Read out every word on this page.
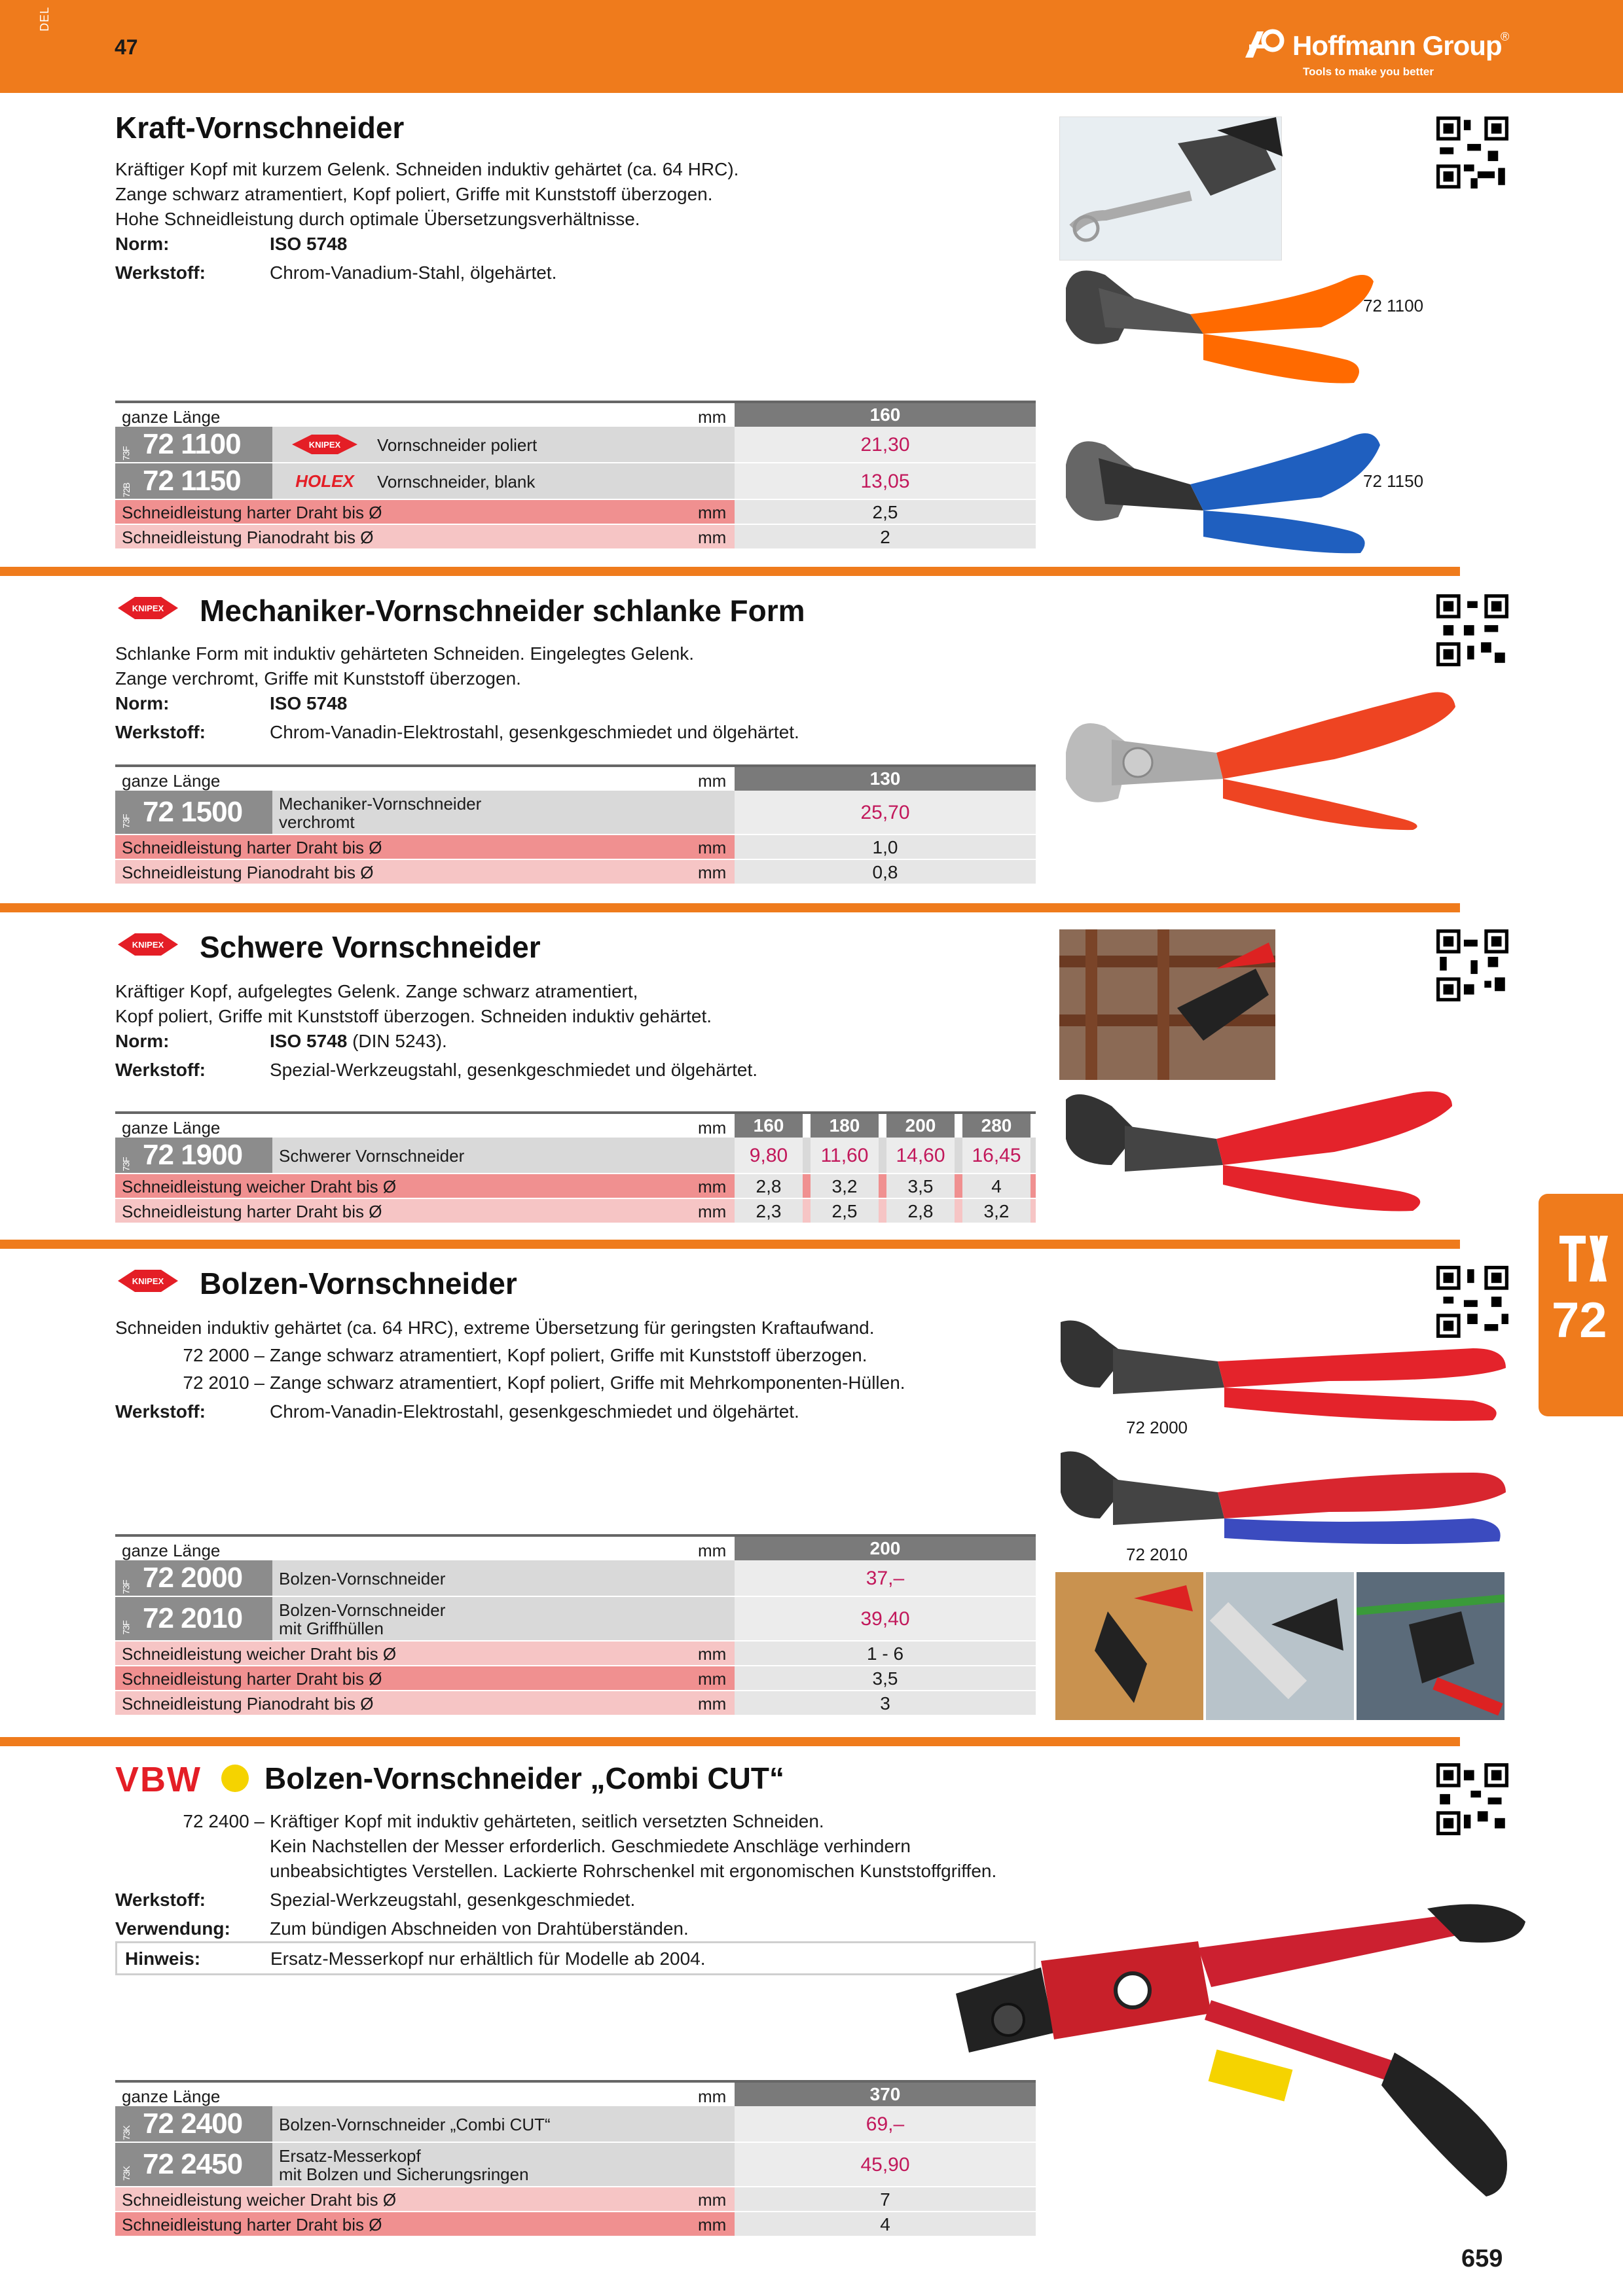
DEL
47	Hoffmann Group
®
Tools to make you better
Kraft-Vornschneider
Kräftiger Kopf mit kurzem Gelenk. Schneiden induktiv gehärtet (ca. 64 HRC).
Zange schwarz atramentiert, Kopf poliert, Griffe mit Kunststoff überzogen.
Hohe Schneidleistung durch optimale Übersetzungsverhältnisse.
Norm:	ISO 5748
Werkstoff:	Chrom-Vanadium-Stahl, ölgehärtet.
72 1100
72 1150
ganze Länge	mm	160
73F 72 1100	KNIPEX Vornschneider poliert	21,30
72B 72 1150	HOLEX Vornschneider, blank	13,05
Schneidleistung harter Draht bis Ø	mm	2,5
Schneidleistung Pianodraht bis Ø	mm	2
KNIPEX Mechaniker-Vornschneider schlanke Form
Schlanke Form mit induktiv gehärteten Schneiden. Eingelegtes Gelenk.
Zange verchromt, Griffe mit Kunststoff überzogen.
Norm:	ISO 5748
Werkstoff:	Chrom-Vanadin-Elektrostahl, gesenkgeschmiedet und ölgehärtet.
ganze Länge	mm	130
73F 72 1500	Mechaniker-Vornschneider
verchromt	25,70
Schneidleistung harter Draht bis Ø	mm	1,0
Schneidleistung Pianodraht bis Ø	mm	0,8
KNIPEX Schwere Vornschneider
Kräftiger Kopf, aufgelegtes Gelenk. Zange schwarz atramentiert,
Kopf poliert, Griffe mit Kunststoff überzogen. Schneiden induktiv gehärtet.
Norm:	ISO 5748 (DIN 5243).
Werkstoff:	Spezial-Werkzeugstahl, gesenkgeschmiedet und ölgehärtet.
ganze Länge	mm	160	180	200	280
73F 72 1900	Schwerer Vornschneider	9,80	11,60	14,60	16,45
Schneidleistung weicher Draht bis Ø	mm	2,8	3,2	3,5	4
Schneidleistung harter Draht bis Ø	mm	2,3	2,5	2,8	3,2
KNIPEX Bolzen-Vornschneider
Schneiden induktiv gehärtet (ca. 64 HRC), extreme Übersetzung für geringsten Kraftaufwand.
72 2000 – Zange schwarz atramentiert, Kopf poliert, Griffe mit Kunststoff überzogen.
72 2010 – Zange schwarz atramentiert, Kopf poliert, Griffe mit Mehrkomponenten-Hüllen.
Werkstoff:	Chrom-Vanadin-Elektrostahl, gesenkgeschmiedet und ölgehärtet.
72 2000
72 2010
ganze Länge	mm	200
73F 72 2000	Bolzen-Vornschneider	37,–
73F 72 2010	Bolzen-Vornschneider
mit Griffhüllen	39,40
Schneidleistung weicher Draht bis Ø	mm	1 - 6
Schneidleistung harter Draht bis Ø	mm	3,5
Schneidleistung Pianodraht bis Ø	mm	3
VBW Bolzen-Vornschneider „Combi CUT“
72 2400 – Kräftiger Kopf mit induktiv gehärteten, seitlich versetzten Schneiden.
Kein Nachstellen der Messer erforderlich. Geschmiedete Anschläge verhindern
unbeabsichtigtes Verstellen. Lackierte Rohrschenkel mit ergonomischen Kunststoffgriffen.
Werkstoff:	Spezial-Werkzeugstahl, gesenkgeschmiedet.
Verwendung: Zum bündigen Abschneiden von Drahtüberständen.
Hinweis:	Ersatz-Messerkopf nur erhältlich für Modelle ab 2004.
ganze Länge	mm	370
73K 72 2400	Bolzen-Vornschneider „Combi CUT“	69,–
73K 72 2450	Ersatz-Messerkopf
mit Bolzen und Sicherungsringen	45,90
Schneidleistung weicher Draht bis Ø	mm	7
Schneidleistung harter Draht bis Ø	mm	4
72
659
